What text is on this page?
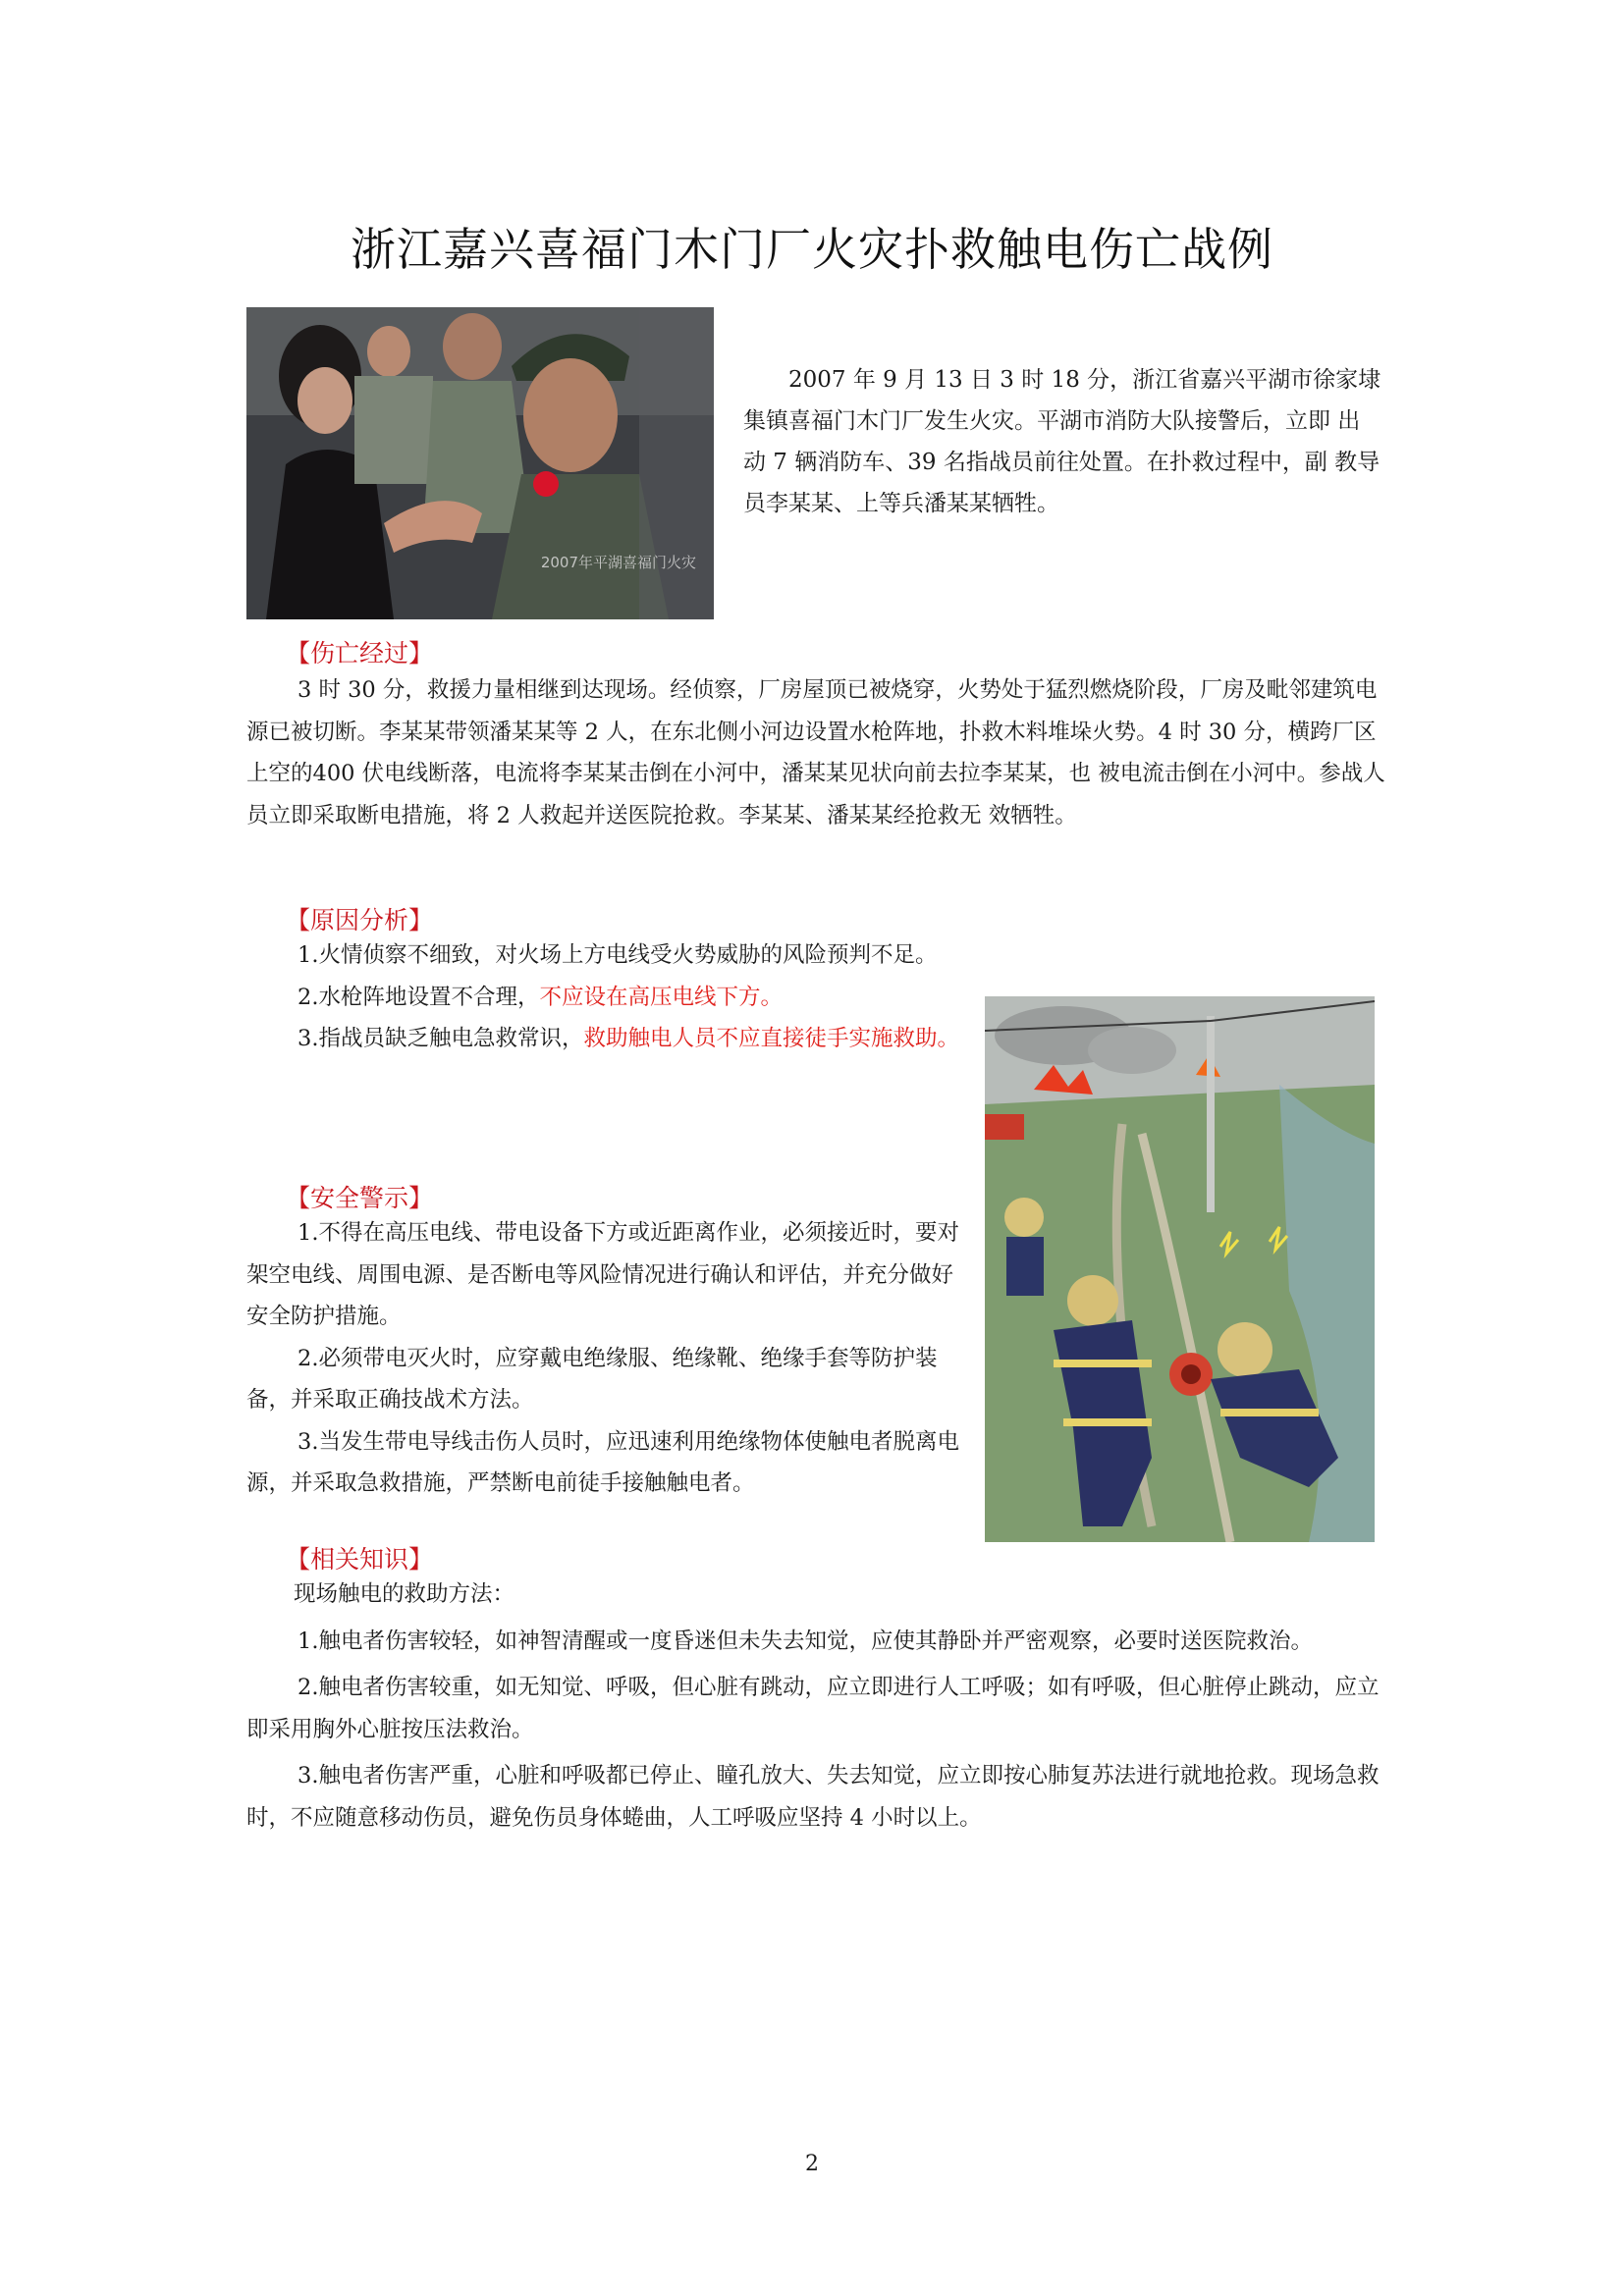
浙江嘉兴喜福门木门厂火灾扑救触电伤亡战例
2007年平湖喜福门火灾

2007 年 9 月 13 日 3 时 18 分，浙江省嘉兴平湖市徐家埭 集镇喜福门木门厂发生火灾。平湖市消防大队接警后，立即 出动 7 辆消防车、39 名指战员前往处置。在扑救过程中，副 教导员李某某、上等兵潘某某牺牲。

【伤亡经过】

3 时 30 分，救援力量相继到达现场。经侦察，厂房屋顶已被烧穿，火势处于猛烈燃烧阶段，厂房及毗邻建筑电源已被切断。李某某带领潘某某等 2 人，在东北侧小河边设置水枪阵地，扑救木料堆垛火势。4 时 30 分，横跨厂区上空的400 伏电线断落，电流将李某某击倒在小河中，潘某某见状向前去拉李某某，也 被电流击倒在小河中。参战人员立即采取断电措施，将 2 人救起并送医院抢救。李某某、潘某某经抢救无 效牺牲。

【原因分析】

1.火情侦察不细致，对火场上方电线受火势威胁的风险预判不足。

2.水枪阵地设置不合理，不应设在高压电线下方。

3.指战员缺乏触电急救常识，救助触电人员不应直接徒手实施救助。

【安全警示】

1.不得在高压电线、带电设备下方或近距离作业，必须接近时，要对架空电线、周围电源、是否断电等风险情况进行确认和评估，并充分做好安全防护措施。

2.必须带电灭火时，应穿戴电绝缘服、绝缘靴、绝缘手套等防护装备，并采取正确技战术方法。

3.当发生带电导线击伤人员时，应迅速利用绝缘物体使触电者脱离电源，并采取急救措施，严禁断电前徒手接触触电者。

【相关知识】

现场触电的救助方法：

1.触电者伤害较轻，如神智清醒或一度昏迷但未失去知觉，应使其静卧并严密观察，必要时送医院救治。

2.触电者伤害较重，如无知觉、呼吸，但心脏有跳动，应立即进行人工呼吸；如有呼吸，但心脏停止跳动，应立即采用胸外心脏按压法救治。

3.触电者伤害严重，心脏和呼吸都已停止、瞳孔放大、失去知觉，应立即按心肺复苏法进行就地抢救。现场急救时，不应随意移动伤员，避免伤员身体蜷曲，人工呼吸应坚持 4 小时以上。

2
